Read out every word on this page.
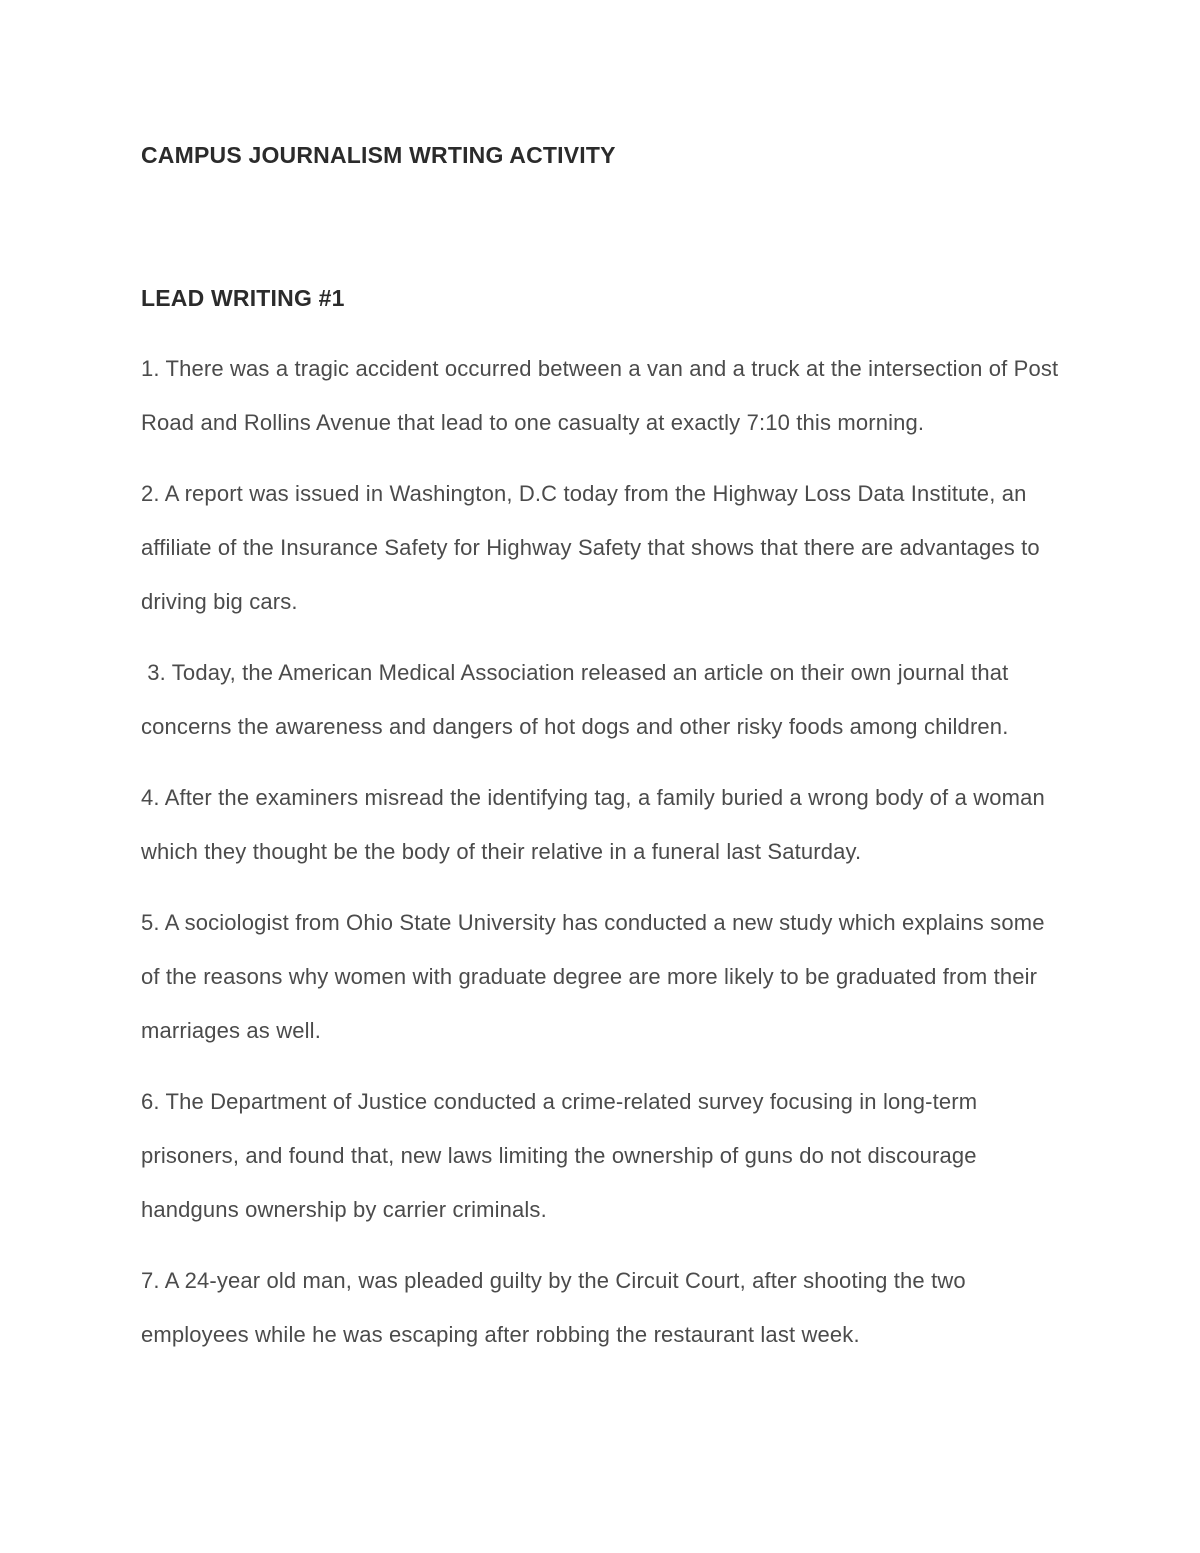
CAMPUS JOURNALISM WRTING ACTIVITY
LEAD WRITING #1

1. There was a tragic accident occurred between a van and a truck at the intersection of Post Road and Rollins Avenue that lead to one casualty at exactly 7:10 this morning.

2. A report was issued in Washington, D.C today from the Highway Loss Data Institute, an affiliate of the Insurance Safety for Highway Safety that shows that there are advantages to driving big cars.

3. Today, the American Medical Association released an article on their own journal that concerns the awareness and dangers of hot dogs and other risky foods among children.

4. After the examiners misread the identifying tag, a family buried a wrong body of a woman which they thought be the body of their relative in a funeral last Saturday.

5. A sociologist from Ohio State University has conducted a new study which explains some of the reasons why women with graduate degree are more likely to be graduated from their marriages as well.

6. The Department of Justice conducted a crime-related survey focusing in long-term prisoners, and found that, new laws limiting the ownership of guns do not discourage handguns ownership by carrier criminals.

7. A 24-year old man, was pleaded guilty by the Circuit Court, after shooting the two employees while he was escaping after robbing the restaurant last week.
